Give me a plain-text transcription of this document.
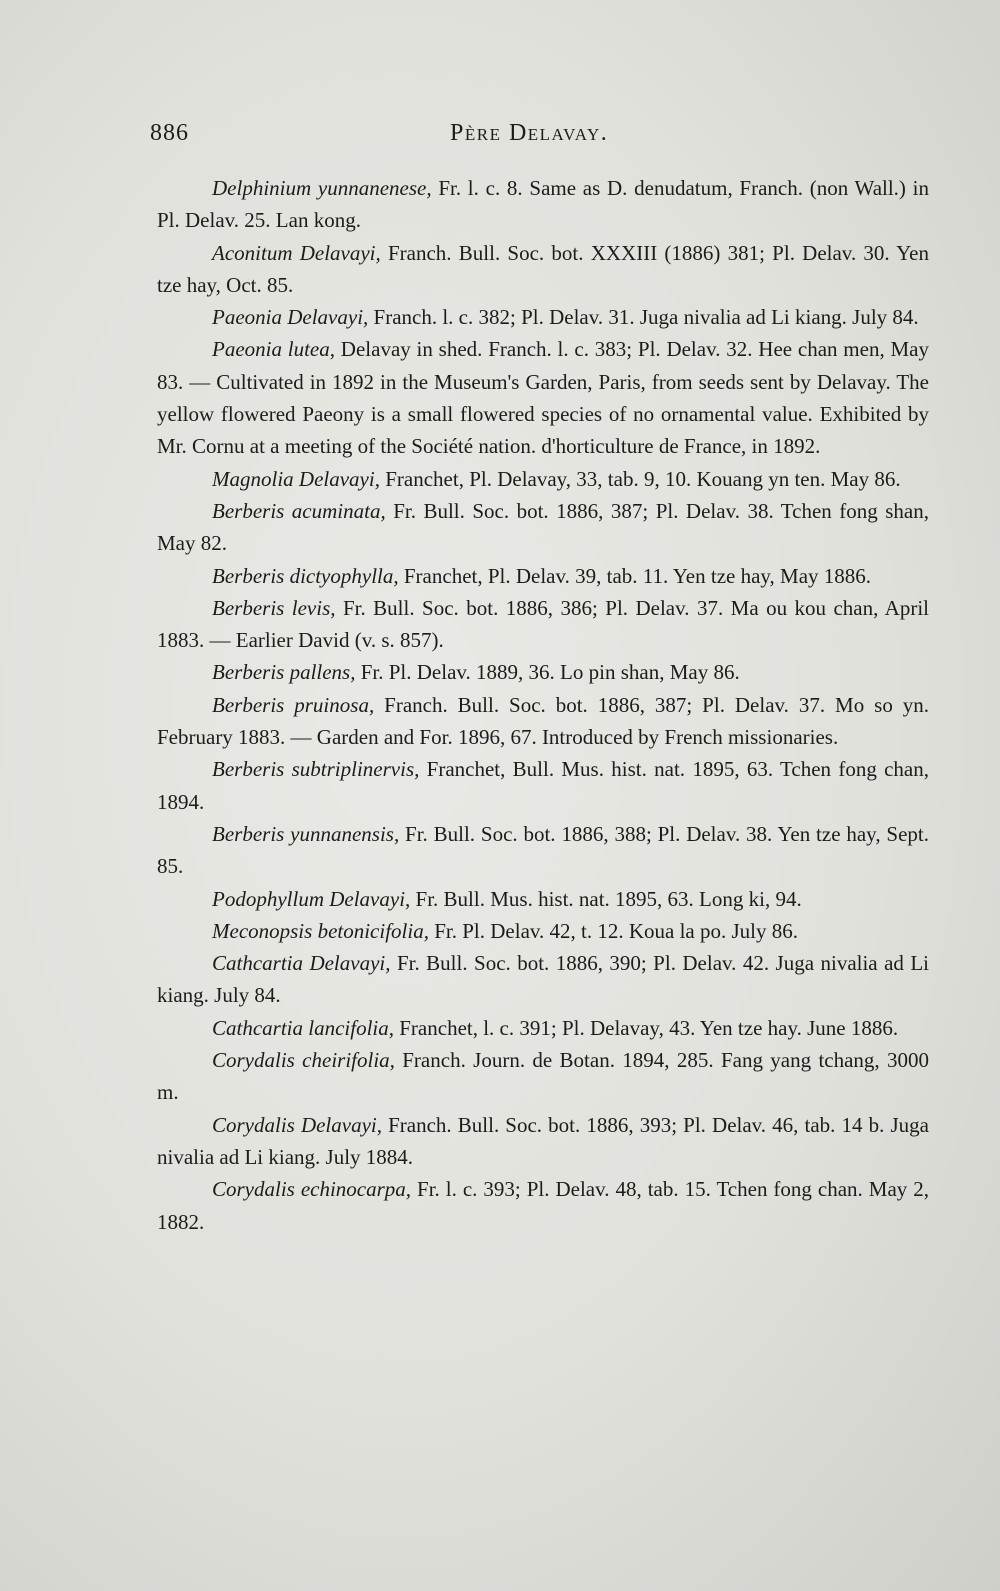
886	Père Delavay.

Delphinium yunnanenese, Fr. l. c. 8. Same as D. denudatum, Franch. (non Wall.) in Pl. Delav. 25. Lan kong.

Aconitum Delavayi, Franch. Bull. Soc. bot. XXXIII (1886) 381; Pl. Delav. 30. Yen tze hay, Oct. 85.

Paeonia Delavayi, Franch. l. c. 382; Pl. Delav. 31. Juga nivalia ad Li kiang. July 84.

Paeonia lutea, Delavay in shed. Franch. l. c. 383; Pl. Delav. 32. Hee chan men, May 83. — Cultivated in 1892 in the Museum's Garden, Paris, from seeds sent by Delavay. The yellow flowered Paeony is a small flowered species of no ornamental value. Exhibited by Mr. Cornu at a meeting of the Société nation. d'horticulture de France, in 1892.

Magnolia Delavayi, Franchet, Pl. Delavay, 33, tab. 9, 10. Kouang yn ten. May 86.

Berberis acuminata, Fr. Bull. Soc. bot. 1886, 387; Pl. Delav. 38. Tchen fong shan, May 82.

Berberis dictyophylla, Franchet, Pl. Delav. 39, tab. 11. Yen tze hay, May 1886.

Berberis levis, Fr. Bull. Soc. bot. 1886, 386; Pl. Delav. 37. Ma ou kou chan, April 1883. — Earlier David (v. s. 857).

Berberis pallens, Fr. Pl. Delav. 1889, 36. Lo pin shan, May 86.

Berberis pruinosa, Franch. Bull. Soc. bot. 1886, 387; Pl. Delav. 37. Mo so yn. February 1883. — Garden and For. 1896, 67. Introduced by French missionaries.

Berberis subtriplinervis, Franchet, Bull. Mus. hist. nat. 1895, 63. Tchen fong chan, 1894.

Berberis yunnanensis, Fr. Bull. Soc. bot. 1886, 388; Pl. Delav. 38. Yen tze hay, Sept. 85.

Podophyllum Delavayi, Fr. Bull. Mus. hist. nat. 1895, 63. Long ki, 94.

Meconopsis betonicifolia, Fr. Pl. Delav. 42, t. 12. Koua la po. July 86.

Cathcartia Delavayi, Fr. Bull. Soc. bot. 1886, 390; Pl. Delav. 42. Juga nivalia ad Li kiang. July 84.

Cathcartia lancifolia, Franchet, l. c. 391; Pl. Delavay, 43. Yen tze hay. June 1886.

Corydalis cheirifolia, Franch. Journ. de Botan. 1894, 285. Fang yang tchang, 3000 m.

Corydalis Delavayi, Franch. Bull. Soc. bot. 1886, 393; Pl. Delav. 46, tab. 14 b. Juga nivalia ad Li kiang. July 1884.

Corydalis echinocarpa, Fr. l. c. 393; Pl. Delav. 48, tab. 15. Tchen fong chan. May 2, 1882.
